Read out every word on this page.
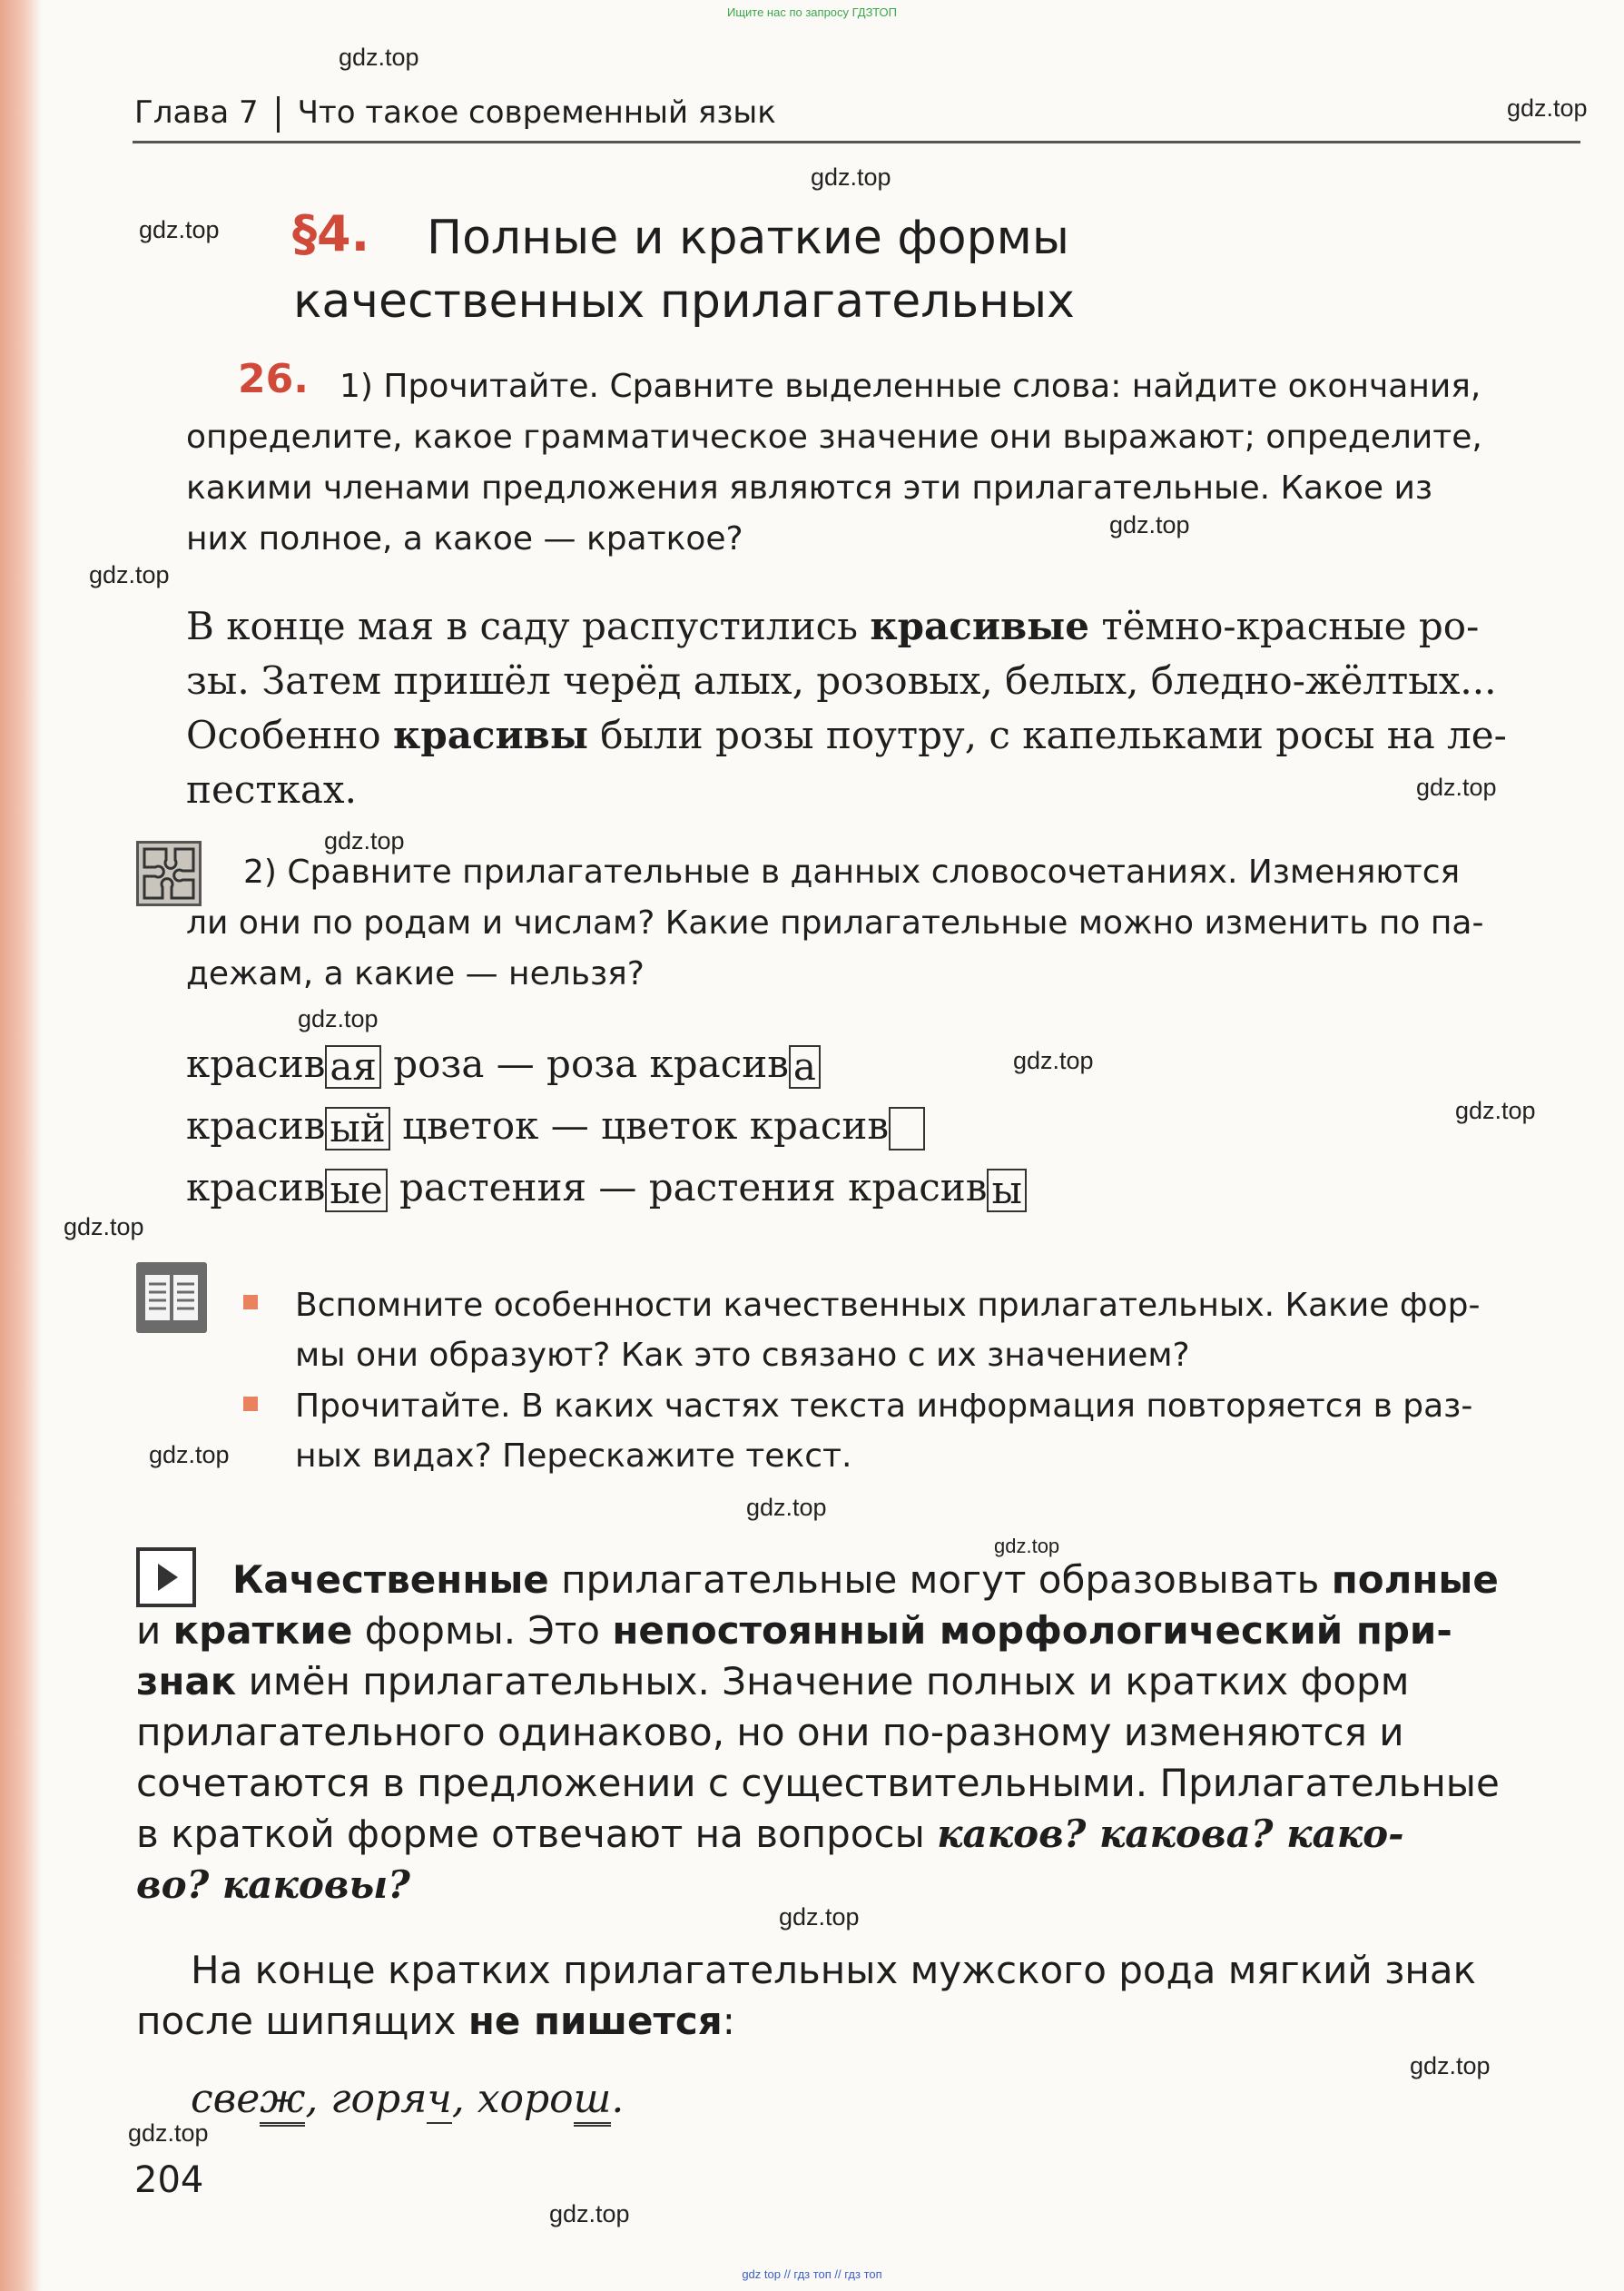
Ищите нас по запросу ГДЗТОП
Глава 7 Что такое современный язык
§4. Полные и краткие формы
качественных прилагательных
26. 1) Прочитайте. Сравните выделенные слова: найдите окончания,
определите, какое грамматическое значение они выражают; определите,
какими членами предложения являются эти прилагательные. Какое из
них полное, а какое — краткое?
В конце мая в саду распустились красивые тёмно-красные ро-
зы. Затем пришёл черёд алых, розовых, белых, бледно-жёлтых...
Особенно красивы были розы поутру, с капельками росы на ле-
пестках.
2) Сравните прилагательные в данных словосочетаниях. Изменяются
ли они по родам и числам? Какие прилагательные можно изменить по па-
дежам, а какие — нельзя?
красив ая роза — роза красив а
красив ый цветок — цветок красив
красив ые растения — растения красив ы
Вспомните особенности качественных прилагательных. Какие фор-
мы они образуют? Как это связано с их значением?
Прочитайте. В каких частях текста информация повторяется в раз-
ных видах? Перескажите текст.
Качественные прилагательные могут образовывать полные
и краткие формы. Это непостоянный морфологический при-
знак имён прилагательных. Значение полных и кратких форм
прилагательного одинаково, но они по-разному изменяются и
сочетаются в предложении с существительными. Прилагательные
в краткой форме отвечают на вопросы каков? какова? како-
во? каковы?
На конце кратких прилагательных мужского рода мягкий знак
после шипящих не пишется:
свеж, горяч, хорош.
204
gdz.top
gdz.top
gdz.top
gdz.top
gdz.top
gdz.top
gdz.top
gdz.top
gdz.top
gdz.top
gdz.top
gdz.top
gdz.top
gdz.top
gdz.top
gdz.top
gdz.top
gdz.top
gdz.top
gdz top // гдз топ // гдз топ
